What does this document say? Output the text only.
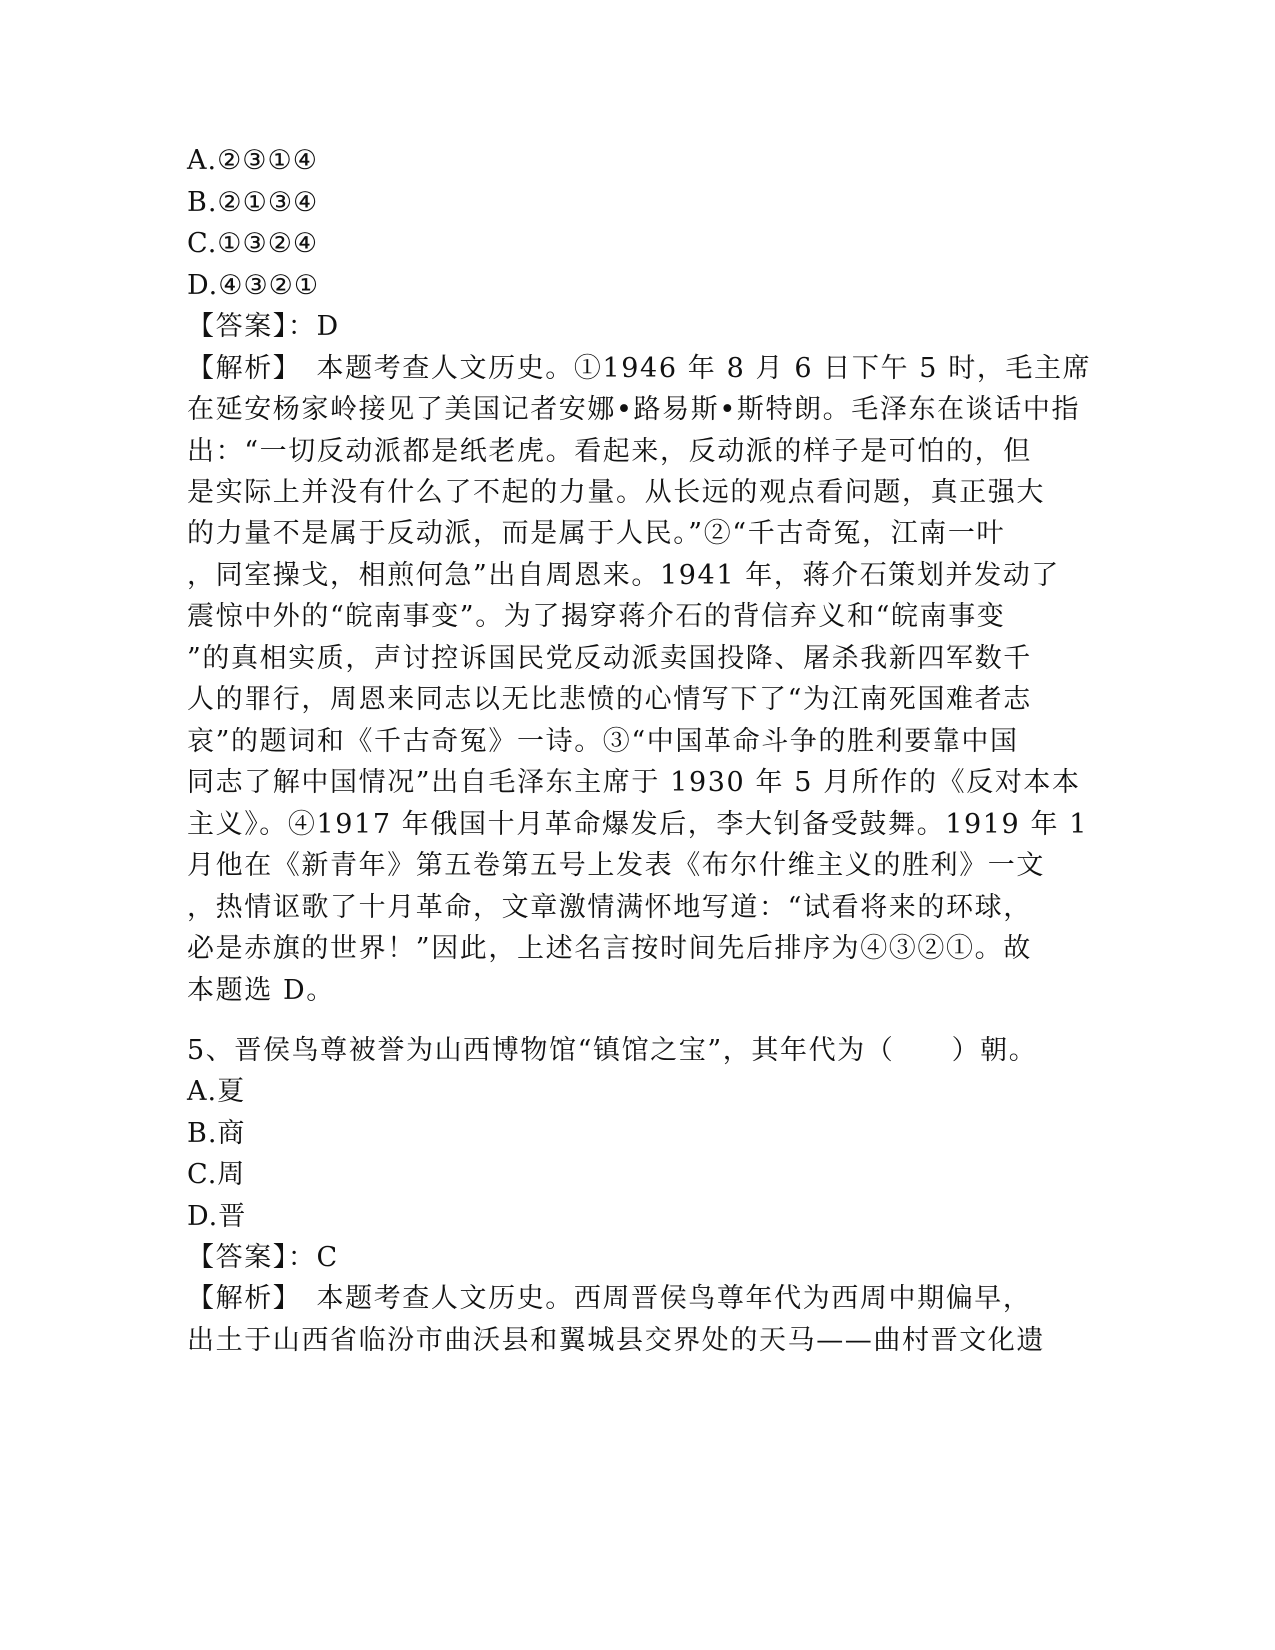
A.②③①④
B.②①③④
C.①③②④
D.④③②①
【答案】：D
【解析】　本题考查人文历史。①1946 年 8 月 6 日下午 5 时，毛主席
在延安杨家岭接见了美国记者安娜•路易斯•斯特朗。毛泽东在谈话中指
出：“一切反动派都是纸老虎。看起来，反动派的样子是可怕的，但
是实际上并没有什么了不起的力量。从长远的观点看问题，真正强大
的力量不是属于反动派，而是属于人民。”②“千古奇冤，江南一叶
，同室操戈，相煎何急”出自周恩来。1941 年，蒋介石策划并发动了
震惊中外的“皖南事变”。为了揭穿蒋介石的背信弃义和“皖南事变
”的真相实质，声讨控诉国民党反动派卖国投降、屠杀我新四军数千
人的罪行，周恩来同志以无比悲愤的心情写下了“为江南死国难者志
哀”的题词和《千古奇冤》一诗。③“中国革命斗争的胜利要靠中国
同志了解中国情况”出自毛泽东主席于 1930 年 5 月所作的《反对本本
主义》。④1917 年俄国十月革命爆发后，李大钊备受鼓舞。1919 年 1
月他在《新青年》第五卷第五号上发表《布尔什维主义的胜利》一文
，热情讴歌了十月革命，文章激情满怀地写道：“试看将来的环球，
必是赤旗的世界！”因此，上述名言按时间先后排序为④③②①。故
本题选 D。
5、晋侯鸟尊被誉为山西博物馆“镇馆之宝”，其年代为（　　）朝。
A.夏
B.商
C.周
D.晋
【答案】：C
【解析】　本题考查人文历史。西周晋侯鸟尊年代为西周中期偏早，
出土于山西省临汾市曲沃县和翼城县交界处的天马——曲村晋文化遗
